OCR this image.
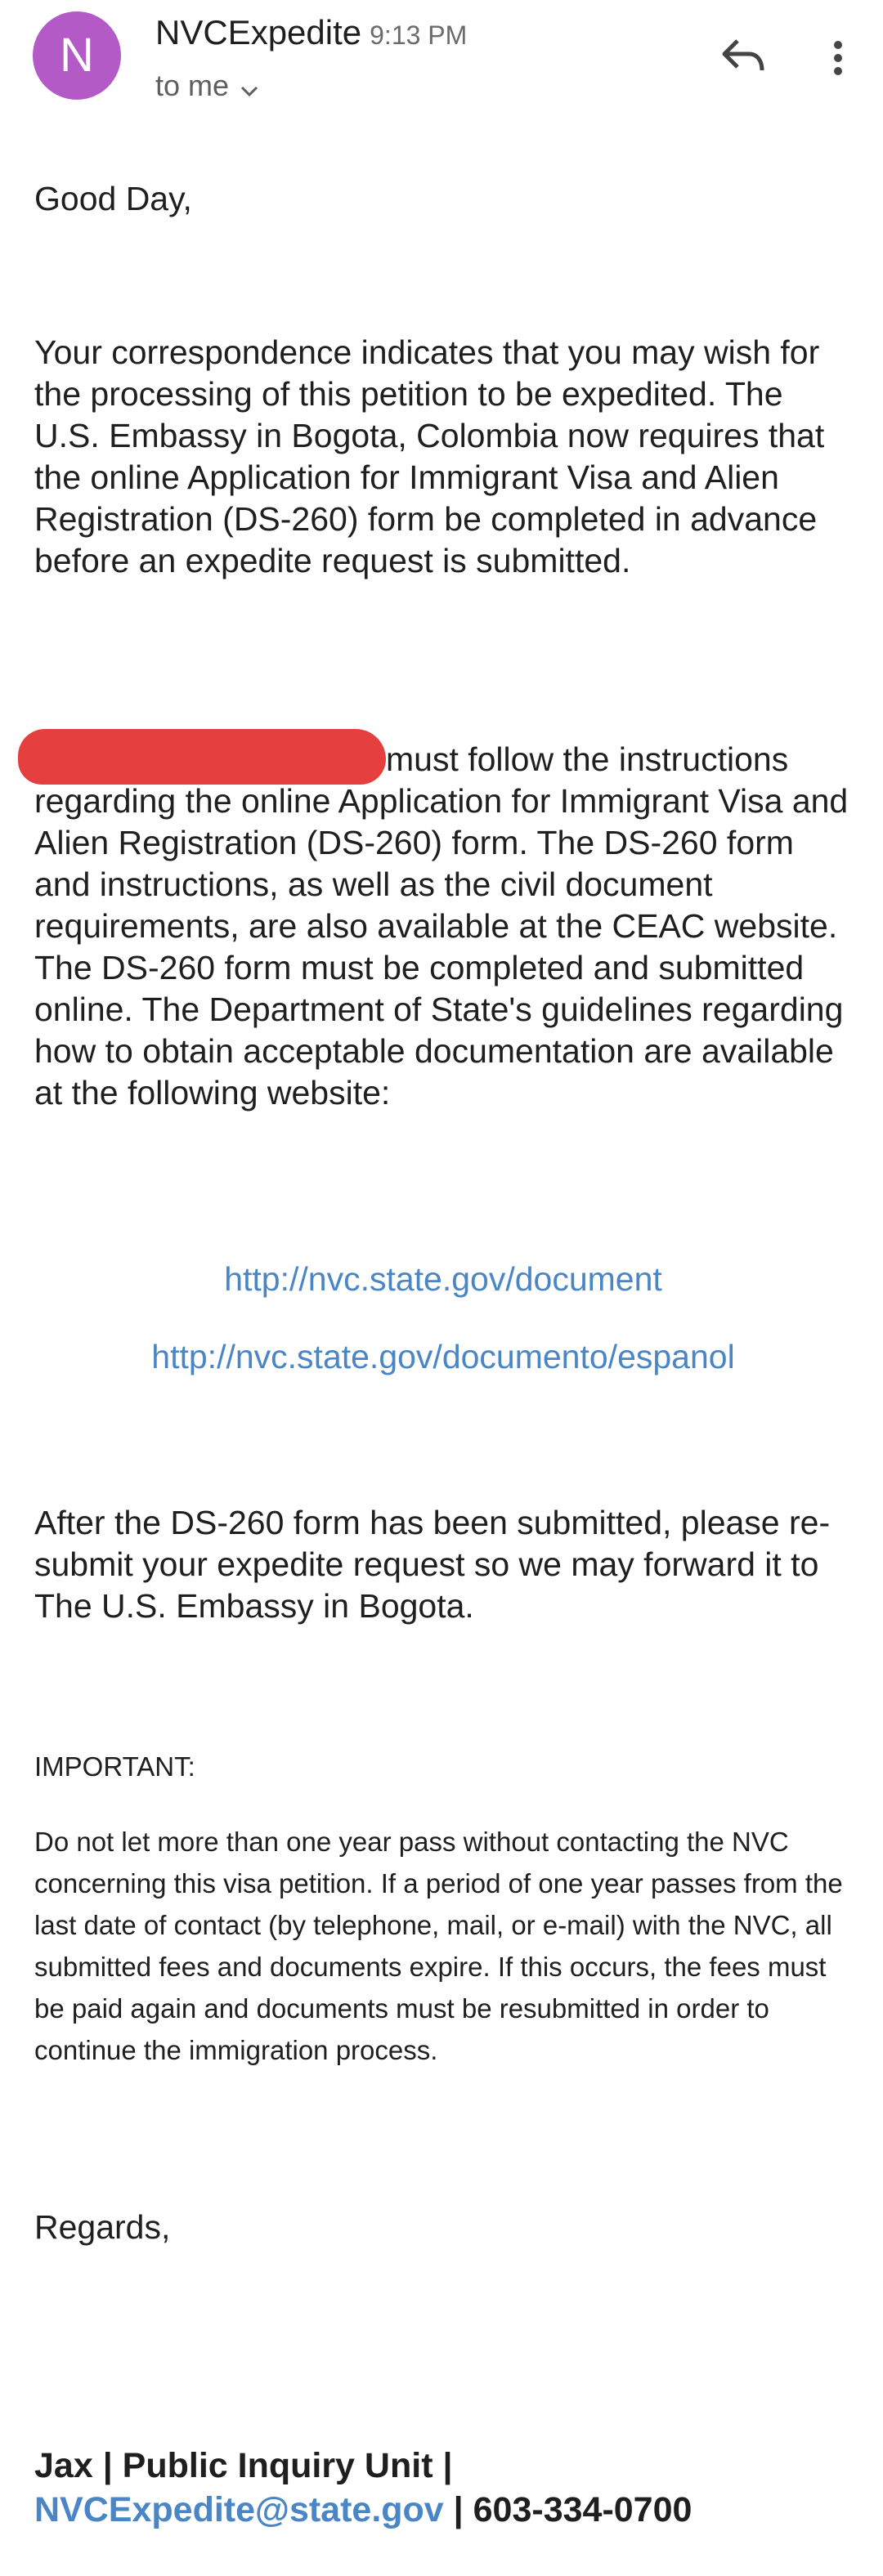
N	NVCExpedite 9:13 PM
to me

Good Day,

Your correspondence indicates that you may wish for the processing of this petition to be expedited. The U.S. Embassy in Bogota, Colombia now requires that the online Application for Immigrant Visa and Alien Registration (DS-260) form be completed in advance before an expedite request is submitted.

must follow the instructions regarding the online Application for Immigrant Visa and Alien Registration (DS-260) form. The DS-260 form and instructions, as well as the civil document requirements, are also available at the CEAC website. The DS-260 form must be completed and submitted online. The Department of State's guidelines regarding how to obtain acceptable documentation are available at the following website:

http://nvc.state.gov/document
http://nvc.state.gov/documento/espanol

After the DS-260 form has been submitted, please re-submit your expedite request so we may forward it to The U.S. Embassy in Bogota.

IMPORTANT:

Do not let more than one year pass without contacting the NVC concerning this visa petition. If a period of one year passes from the last date of contact (by telephone, mail, or e-mail) with the NVC, all submitted fees and documents expire. If this occurs, the fees must be paid again and documents must be resubmitted in order to continue the immigration process.

Regards,

Jax | Public Inquiry Unit |
NVCExpedite@state.gov | 603-334-0700
